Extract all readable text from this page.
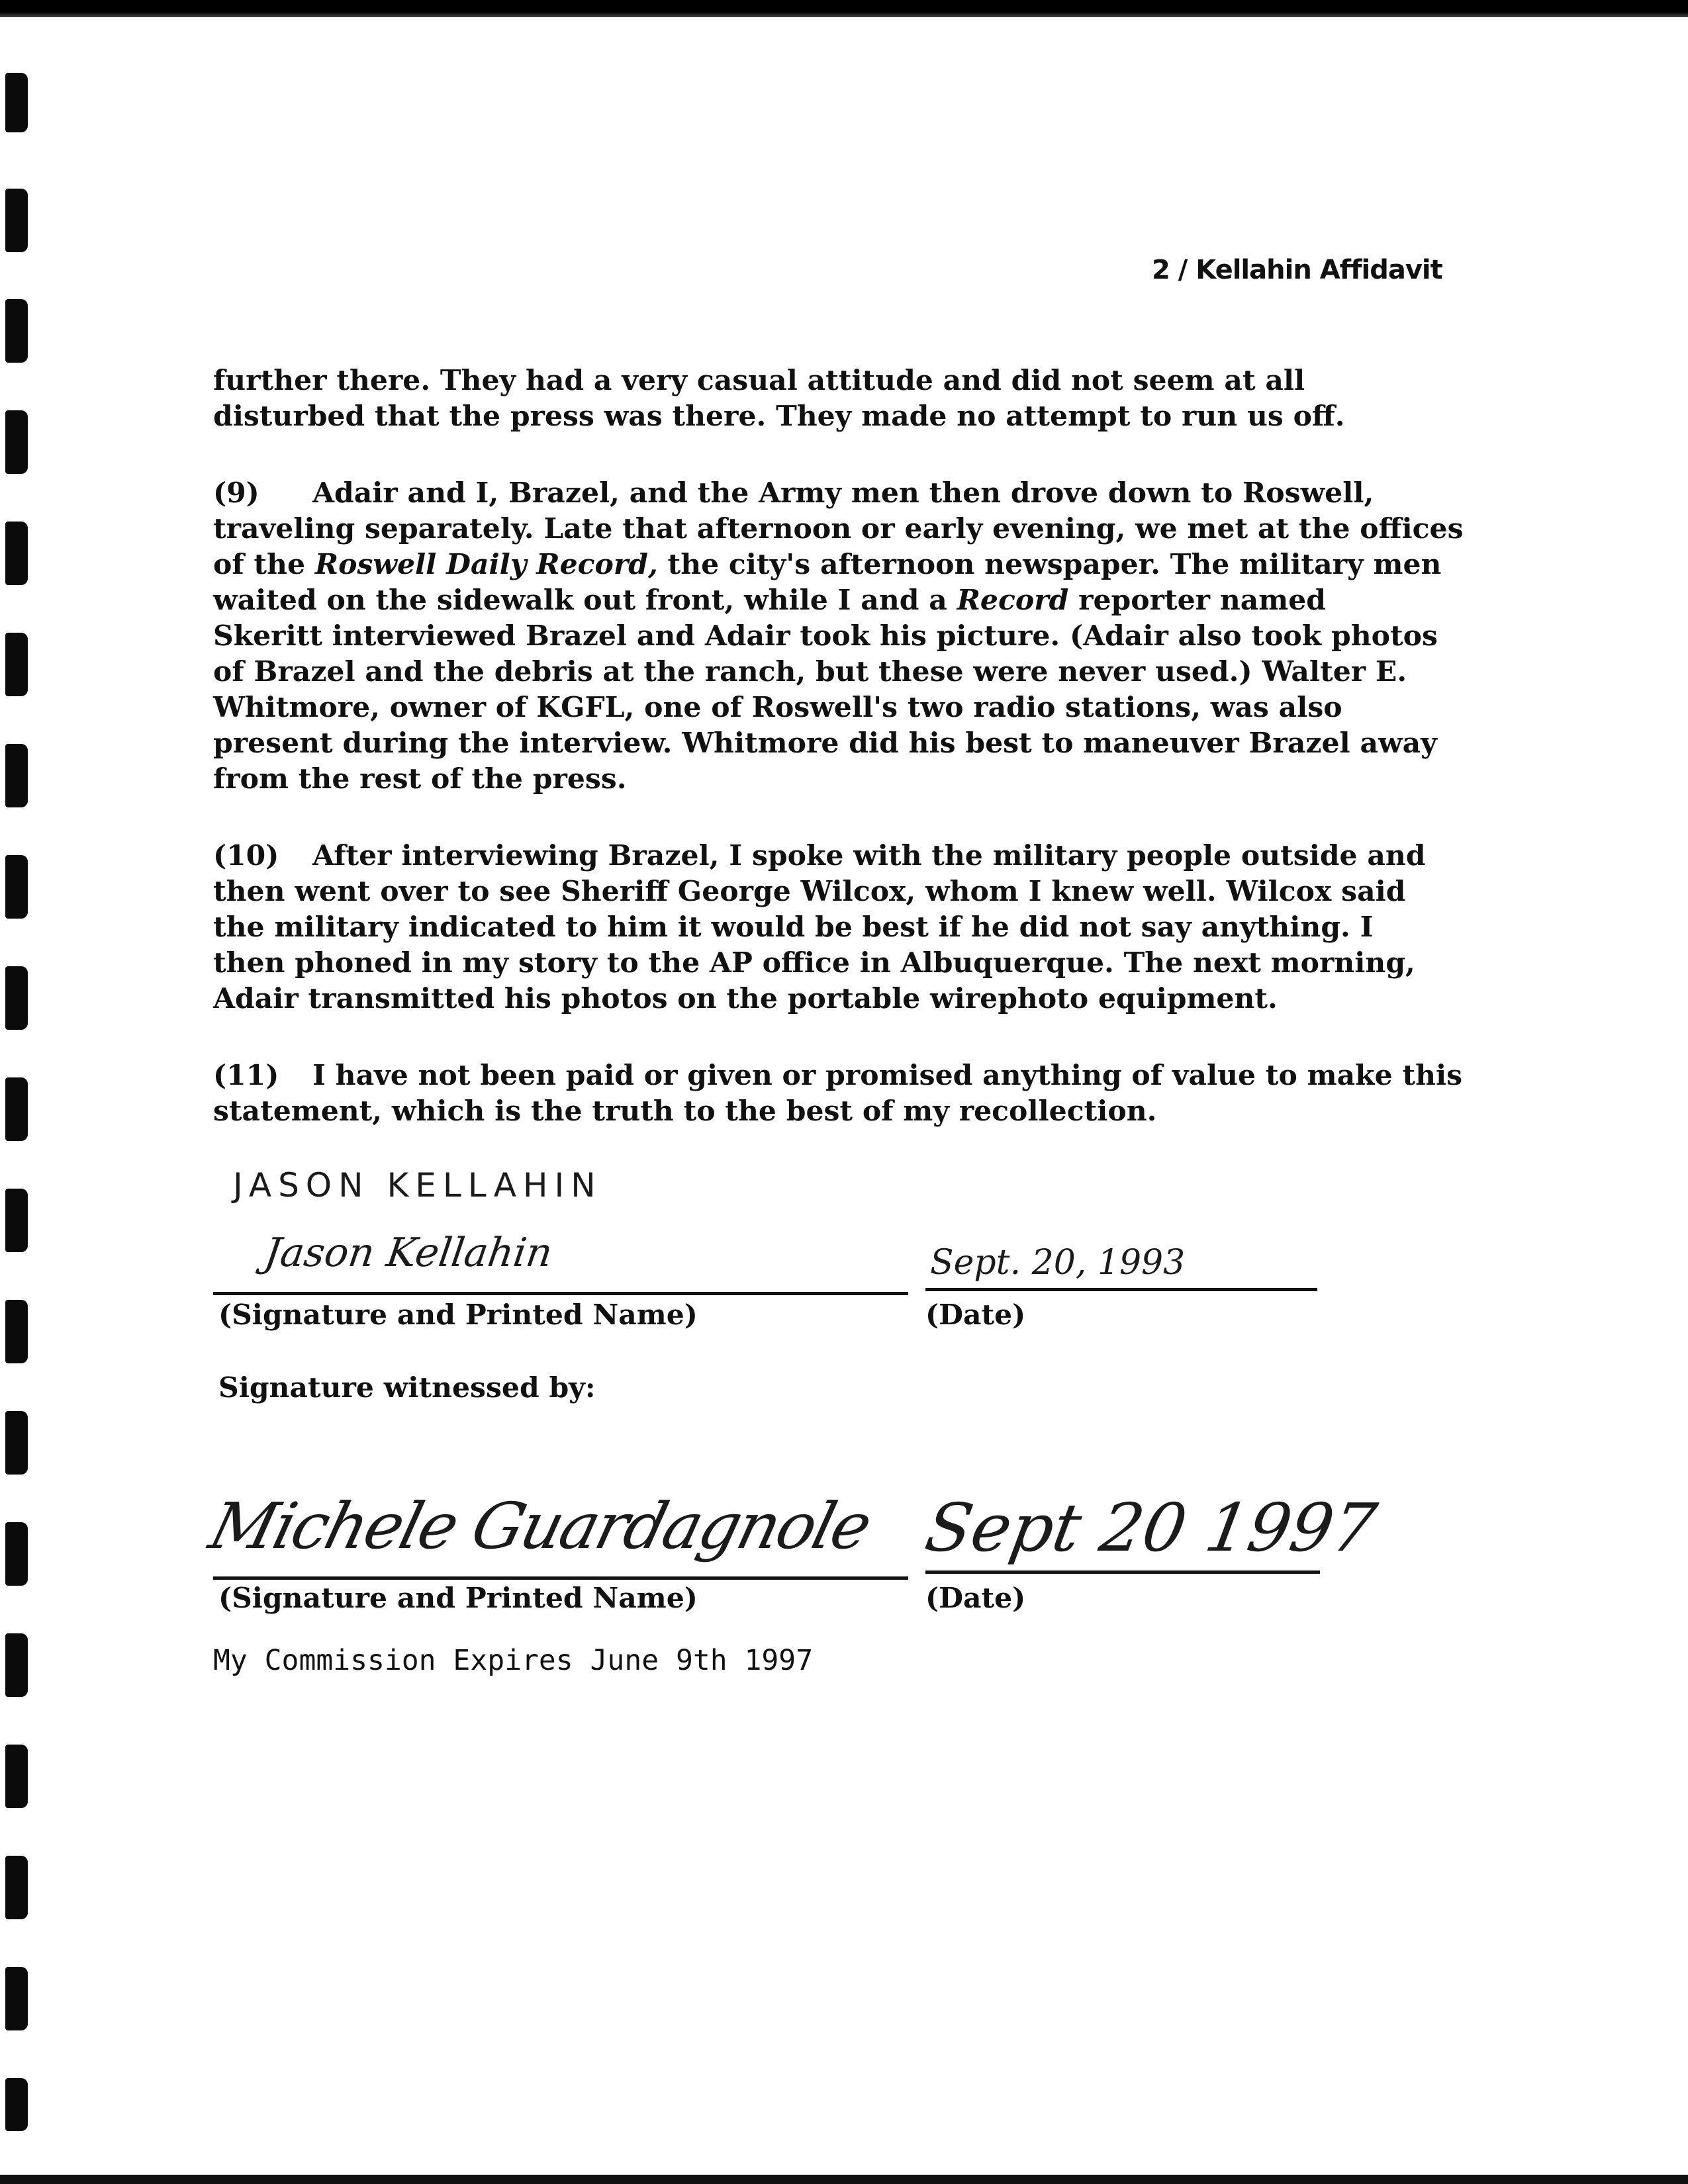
2 / Kellahin Affidavit
further there. They had a very casual attitude and did not seem at all
disturbed that the press was there. They made no attempt to run us off.
(9) Adair and I, Brazel, and the Army men then drove down to Roswell,
traveling separately. Late that afternoon or early evening, we met at the offices
of the Roswell Daily Record, the city's afternoon newspaper. The military men
waited on the sidewalk out front, while I and a Record reporter named
Skeritt interviewed Brazel and Adair took his picture. (Adair also took photos
of Brazel and the debris at the ranch, but these were never used.) Walter E.
Whitmore, owner of KGFL, one of Roswell's two radio stations, was also
present during the interview. Whitmore did his best to maneuver Brazel away
from the rest of the press.
(10) After interviewing Brazel, I spoke with the military people outside and
then went over to see Sheriff George Wilcox, whom I knew well. Wilcox said
the military indicated to him it would be best if he did not say anything. I
then phoned in my story to the AP office in Albuquerque. The next morning,
Adair transmitted his photos on the portable wirephoto equipment.
(11) I have not been paid or given or promised anything of value to make this
statement, which is the truth to the best of my recollection.
JASON KELLAHIN
Jason Kellahin	Sept. 20, 1993
(Signature and Printed Name)	(Date)
Signature witnessed by:
Michele Guardagnole Sept 20 1997
(Signature and Printed Name)	(Date)
My Commission Expires June 9th 1997
